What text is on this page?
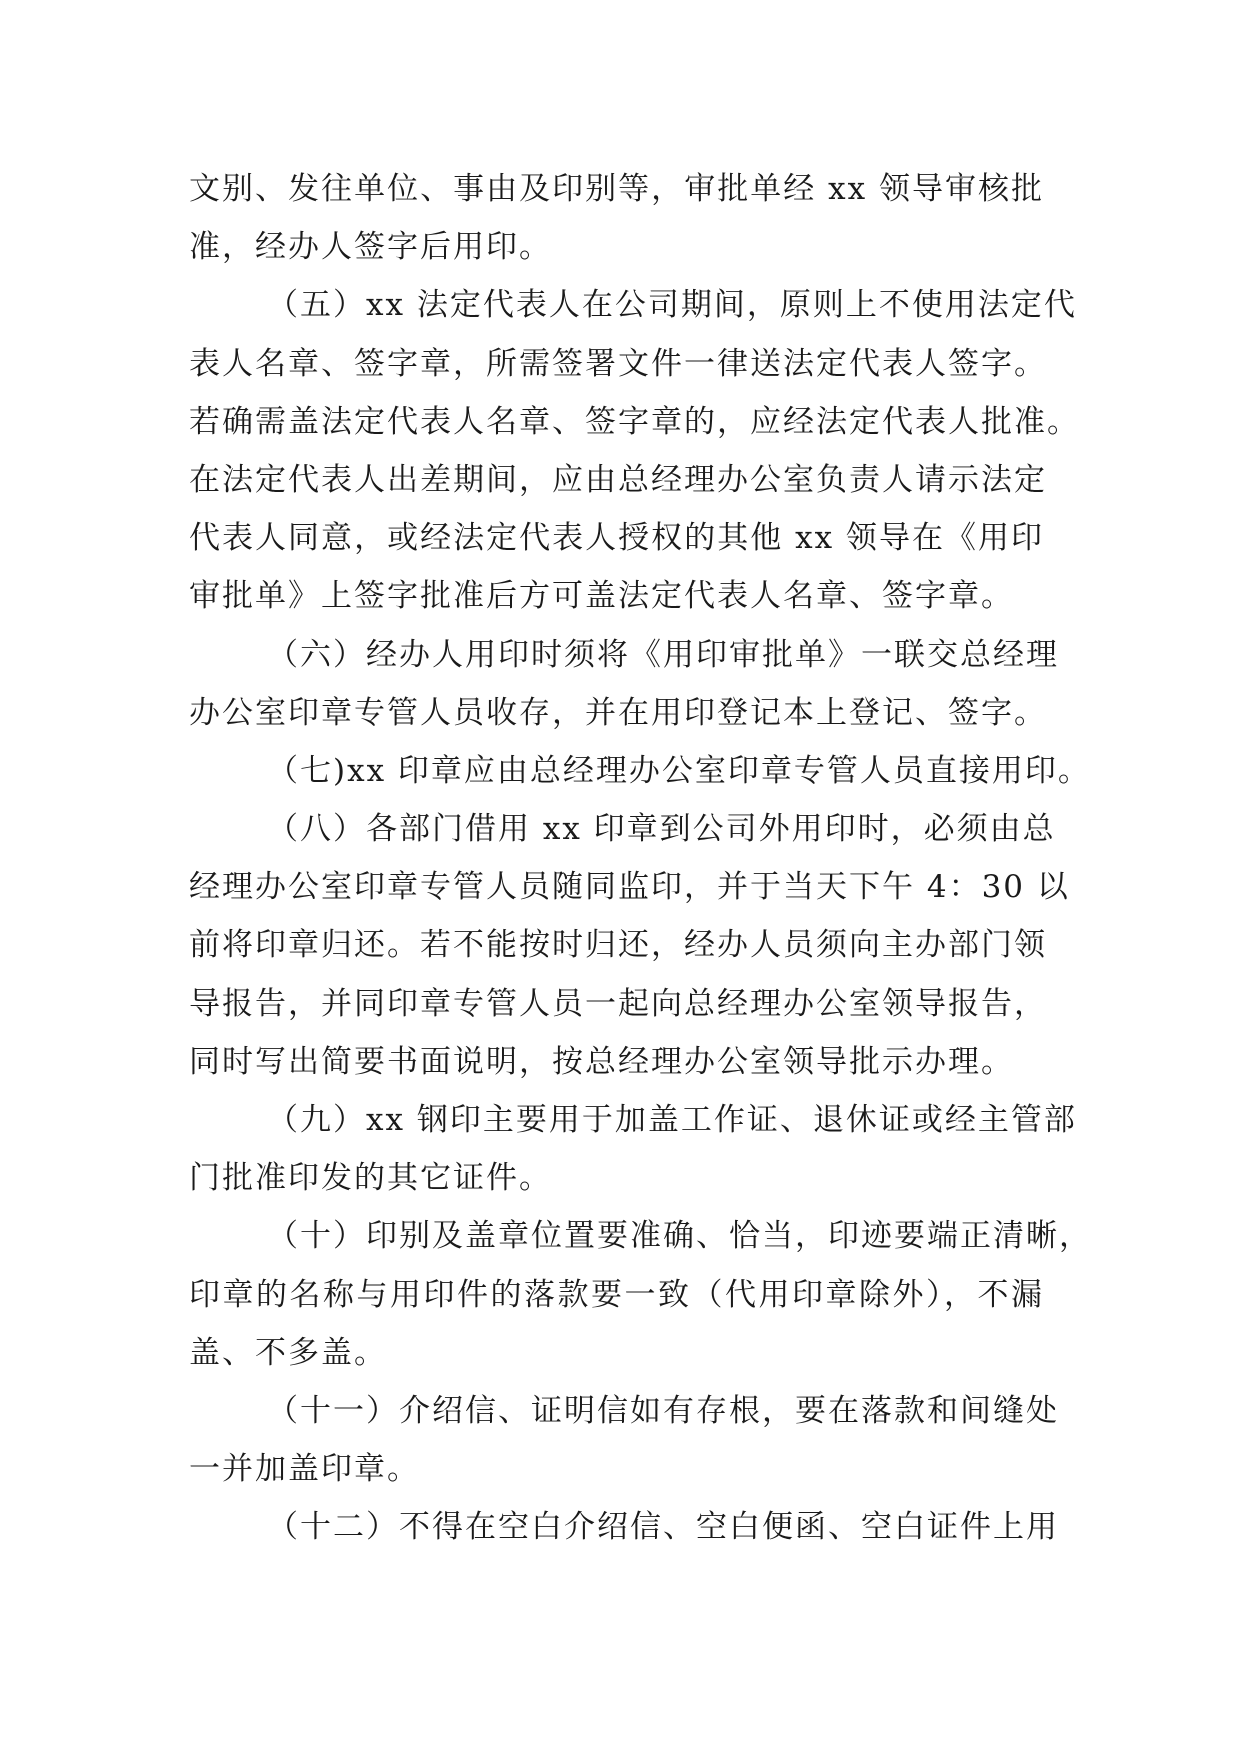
文别、发往单位、事由及印别等，审批单经 xx 领导审核批
准，经办人签字后用印。
（五）xx 法定代表人在公司期间，原则上不使用法定代
表人名章、签字章，所需签署文件一律送法定代表人签字。
若确需盖法定代表人名章、签字章的，应经法定代表人批准。
在法定代表人出差期间，应由总经理办公室负责人请示法定
代表人同意，或经法定代表人授权的其他 xx 领导在《用印
审批单》上签字批准后方可盖法定代表人名章、签字章。
（六）经办人用印时须将《用印审批单》一联交总经理
办公室印章专管人员收存，并在用印登记本上登记、签字。
（七)xx 印章应由总经理办公室印章专管人员直接用印。
（八）各部门借用 xx 印章到公司外用印时，必须由总
经理办公室印章专管人员随同监印，并于当天下午 4：30 以
前将印章归还。若不能按时归还，经办人员须向主办部门领
导报告，并同印章专管人员一起向总经理办公室领导报告，
同时写出简要书面说明，按总经理办公室领导批示办理。
（九）xx 钢印主要用于加盖工作证、退休证或经主管部
门批准印发的其它证件。
（十）印别及盖章位置要准确、恰当，印迹要端正清晰，
印章的名称与用印件的落款要一致（代用印章除外），不漏
盖、不多盖。
（十一）介绍信、证明信如有存根，要在落款和间缝处
一并加盖印章。
（十二）不得在空白介绍信、空白便函、空白证件上用
